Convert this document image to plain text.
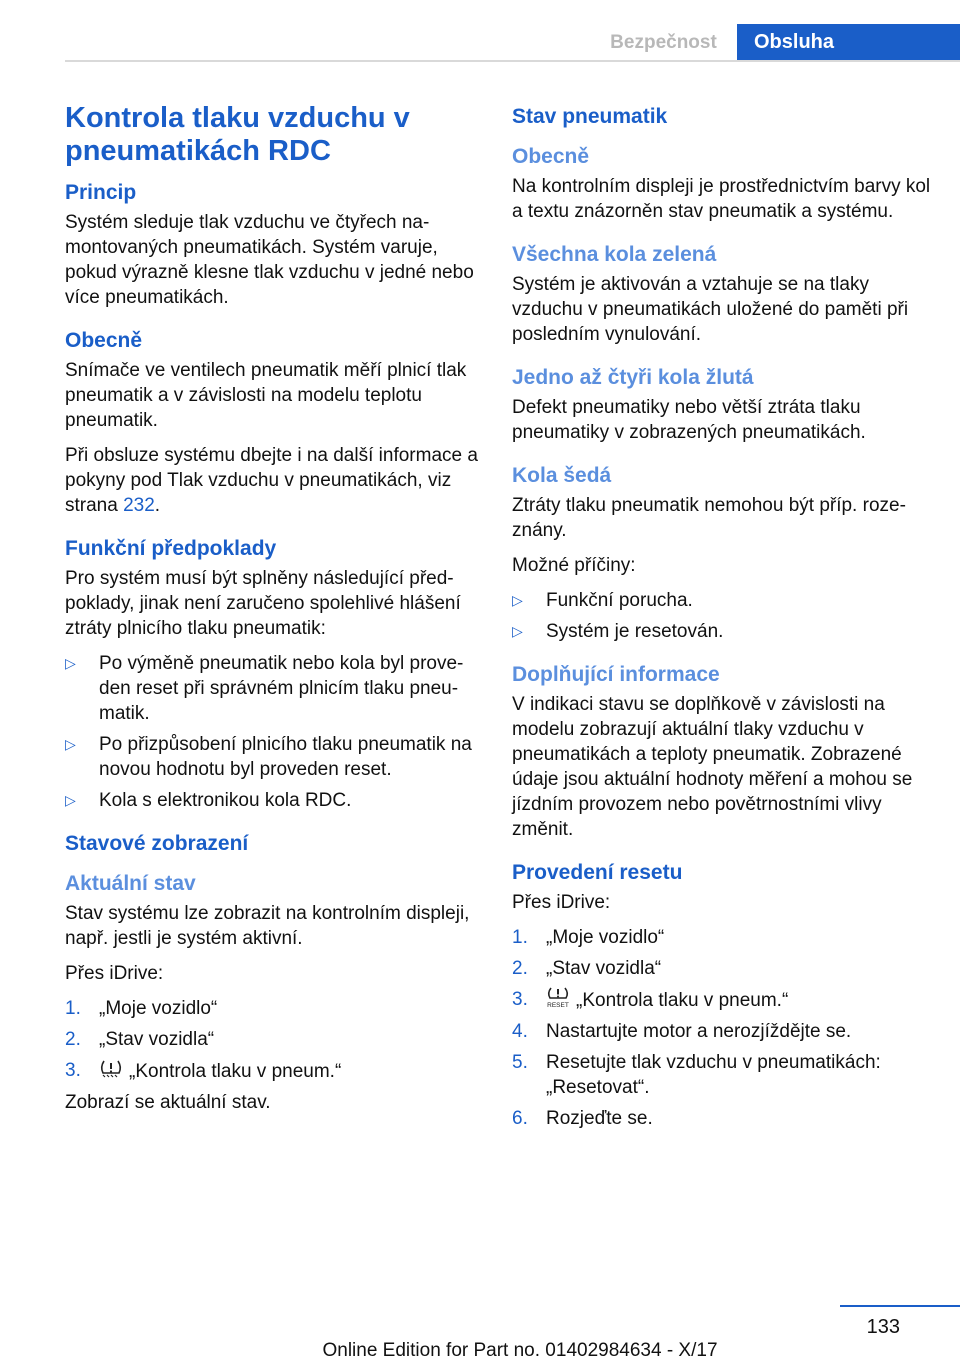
Bezpečnost	Obsluha
Kontrola tlaku vzduchu v pneumatikách RDC
Princip

Systém sleduje tlak vzduchu ve čtyřech namontovaných pneumatikách. Systém varuje, pokud výrazně klesne tlak vzduchu v jedné nebo více pneumatikách.

Obecně

Snímače ve ventilech pneumatik měří plnicí tlak pneumatik a v závislosti na modelu teplotu pneumatik.

Při obsluze systému dbejte i na další informace a pokyny pod Tlak vzduchu v pneumatikách, viz strana 232.

Funkční předpoklady

Pro systém musí být splněny následující předpoklady, jinak není zaručeno spolehlivé hlášení ztráty plnicího tlaku pneumatik:

▷ Po výměně pneumatik nebo kola byl proveden reset při správném plnicím tlaku pneumatik.
▷ Po přizpůsobení plnicího tlaku pneumatik na novou hodnotu byl proveden reset.
▷ Kola s elektronikou kola RDC.
Stavové zobrazení
Aktuální stav

Stav systému lze zobrazit na kontrolním displeji, např. jestli je systém aktivní.

Přes iDrive:

1. „Moje vozidlo“
2. „Stav vozidla“
3.	„Kontrola tlaku v pneum.“

Zobrazí se aktuální stav.

Stav pneumatik
Obecně

Na kontrolním displeji je prostřednictvím barvy kol a textu znázorněn stav pneumatik a systému.

Všechna kola zelená

Systém je aktivován a vztahuje se na tlaky vzduchu v pneumatikách uložené do paměti při posledním vynulování.

Jedno až čtyři kola žlutá

Defekt pneumatiky nebo větší ztráta tlaku pneumatiky v zobrazených pneumatikách.

Kola šedá

Ztráty tlaku pneumatik nemohou být příp. rozeznány.

Možné příčiny:

▷ Funkční porucha.
▷ Systém je resetován.
Doplňující informace

V indikaci stavu se doplňkově v závislosti na modelu zobrazují aktuální tlaky vzduchu v pneumatikách a teploty pneumatik. Zobrazené údaje jsou aktuální hodnoty měření a mohou se jízdním provozem nebo povětrnostními vlivy změnit.

Provedení resetu

Přes iDrive:

1. „Moje vozidlo“
2. „Stav vozidla“
3.	RESET „Kontrola tlaku v pneum.“
4. Nastartujte motor a nerozjíždějte se.
5. Resetujte tlak vzduchu v pneumatikách: „Resetovat“.
6. Rozjeďte se.
133
Online Edition for Part no. 01402984634 - X/17
